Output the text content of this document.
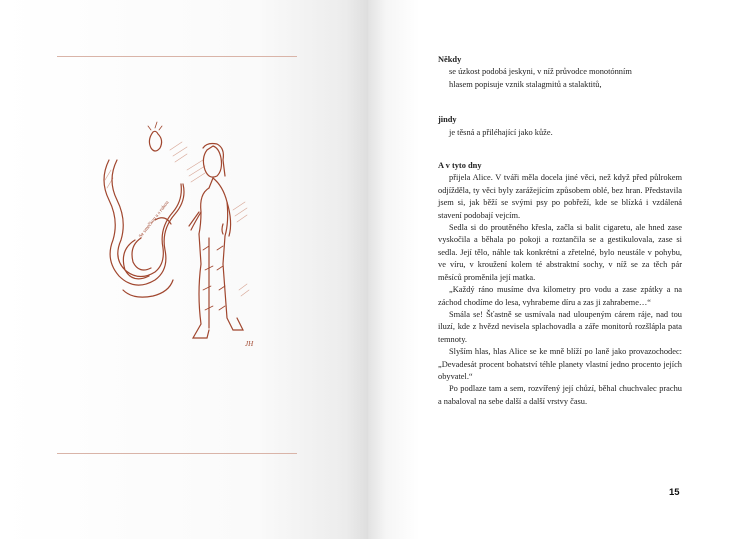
Se smečkou a s rukou
JH

Někdy

se úzkost podobá jeskyni, v níž průvodce monotónním

hlasem popisuje vznik stalagmitů a stalaktitů,

jindy

je těsná a přiléhající jako kůže.

A v tyto dny

přijela Alice. V tváři měla docela jiné věci, než když před půlrokem odjížděla, ty věci byly zarážejícím způsobem oblé, bez hran. Představila jsem si, jak běží se svými psy po pobřeží, kde se blízká i vzdálená stavení podobají vejcím.

Sedla si do proutěného křesla, začla si balit cigaretu, ale hned zase vyskočila a běhala po pokoji a roztančila se a gestikulovala, zase si sedla. Její tělo, náhle tak konkrétní a zřetelné, bylo neustále v pohybu, ve víru, v kroužení kolem té abstraktní sochy, v níž se za těch pár měsíců proměnila její matka.

„Každý ráno musíme dva kilometry pro vodu a zase zpátky a na záchod chodíme do lesa, vyhrabeme díru a zas ji zahrabeme…“

Smála se! Šťastně se usmívala nad uloupeným cárem ráje, nad tou iluzí, kde z hvězd nevisela splachovadla a záře monitorů rozšlápla pata temnoty.

Slyším hlas, hlas Alice se ke mně blíží po laně jako provazochodec: „Devadesát procent bohatství téhle planety vlastní jedno procento jejích obyvatel.“

Po podlaze tam a sem, rozvířený její chůzí, běhal chuchvalec prachu a nabaloval na sebe další a další vrstvy času.

15
